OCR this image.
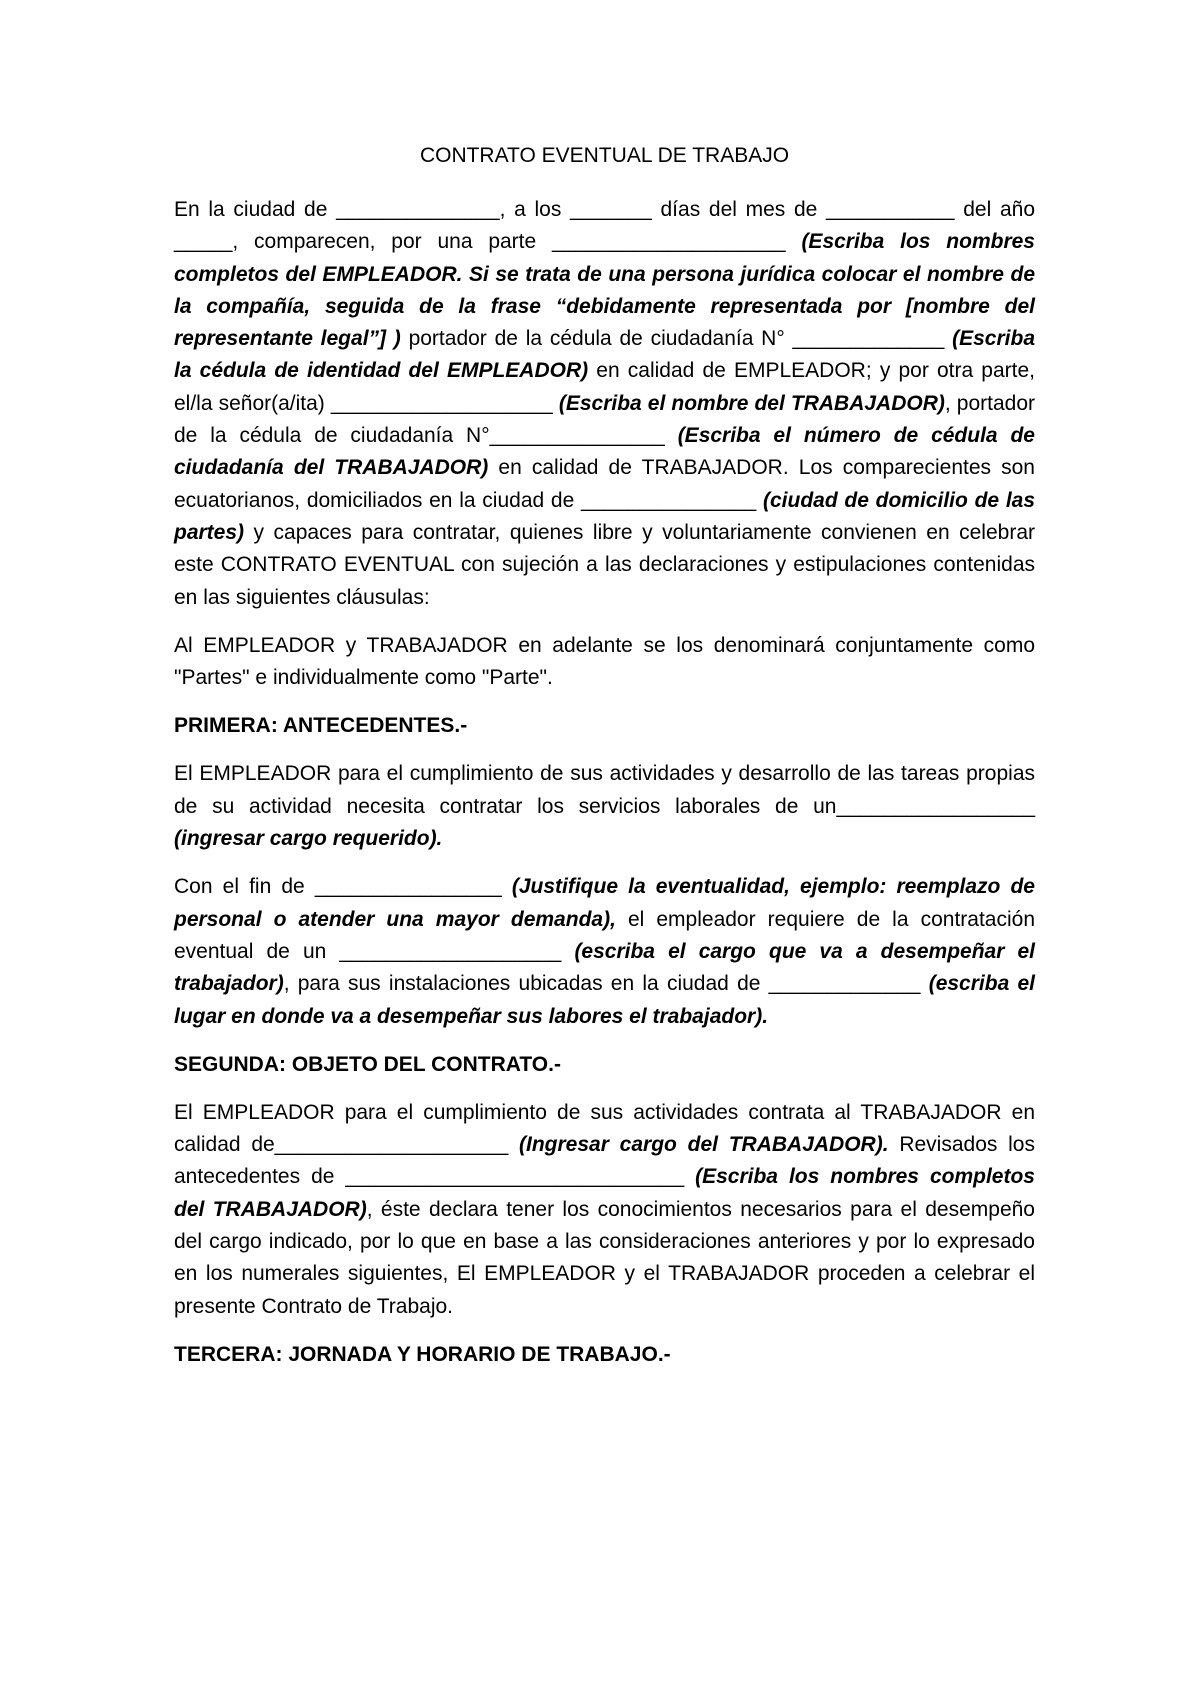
CONTRATO EVENTUAL DE TRABAJO

En la ciudad de ______________, a los _______ días del mes de ___________ del año _____, comparecen, por una parte ____________________ (Escriba los nombres completos del EMPLEADOR. Si se trata de una persona jurídica colocar el nombre de la compañía, seguida de la frase “debidamente representada por [nombre del representante legal”] ) portador de la cédula de ciudadanía N° _____________ (Escriba la cédula de identidad del EMPLEADOR) en calidad de EMPLEADOR; y por otra parte, el/la señor(a/ita) ___________________ (Escriba el nombre del TRABAJADOR), portador de la cédula de ciudadanía N°_______________ (Escriba el número de cédula de ciudadanía del TRABAJADOR) en calidad de TRABAJADOR. Los comparecientes son ecuatorianos, domiciliados en la ciudad de _______________ (ciudad de domicilio de las partes) y capaces para contratar, quienes libre y voluntariamente convienen en celebrar este CONTRATO EVENTUAL con sujeción a las declaraciones y estipulaciones contenidas en las siguientes cláusulas:

Al EMPLEADOR y TRABAJADOR en adelante se los denominará conjuntamente como "Partes" e individualmente como "Parte".

PRIMERA: ANTECEDENTES.-

El EMPLEADOR para el cumplimiento de sus actividades y desarrollo de las tareas propias de su actividad necesita contratar los servicios laborales de un_________________ (ingresar cargo requerido).

Con el fin de ________________ (Justifique la eventualidad, ejemplo: reemplazo de personal o atender una mayor demanda), el empleador requiere de la contratación eventual de un ___________________ (escriba el cargo que va a desempeñar el trabajador), para sus instalaciones ubicadas en la ciudad de _____________ (escriba el lugar en donde va a desempeñar sus labores el trabajador).

SEGUNDA: OBJETO DEL CONTRATO.-

El EMPLEADOR para el cumplimiento de sus actividades contrata al TRABAJADOR en calidad de____________________ (Ingresar cargo del TRABAJADOR). Revisados los antecedentes de _____________________________ (Escriba los nombres completos del TRABAJADOR), éste declara tener los conocimientos necesarios para el desempeño del cargo indicado, por lo que en base a las consideraciones anteriores y por lo expresado en los numerales siguientes, El EMPLEADOR y el TRABAJADOR proceden a celebrar el presente Contrato de Trabajo.

TERCERA: JORNADA Y HORARIO DE TRABAJO.-
